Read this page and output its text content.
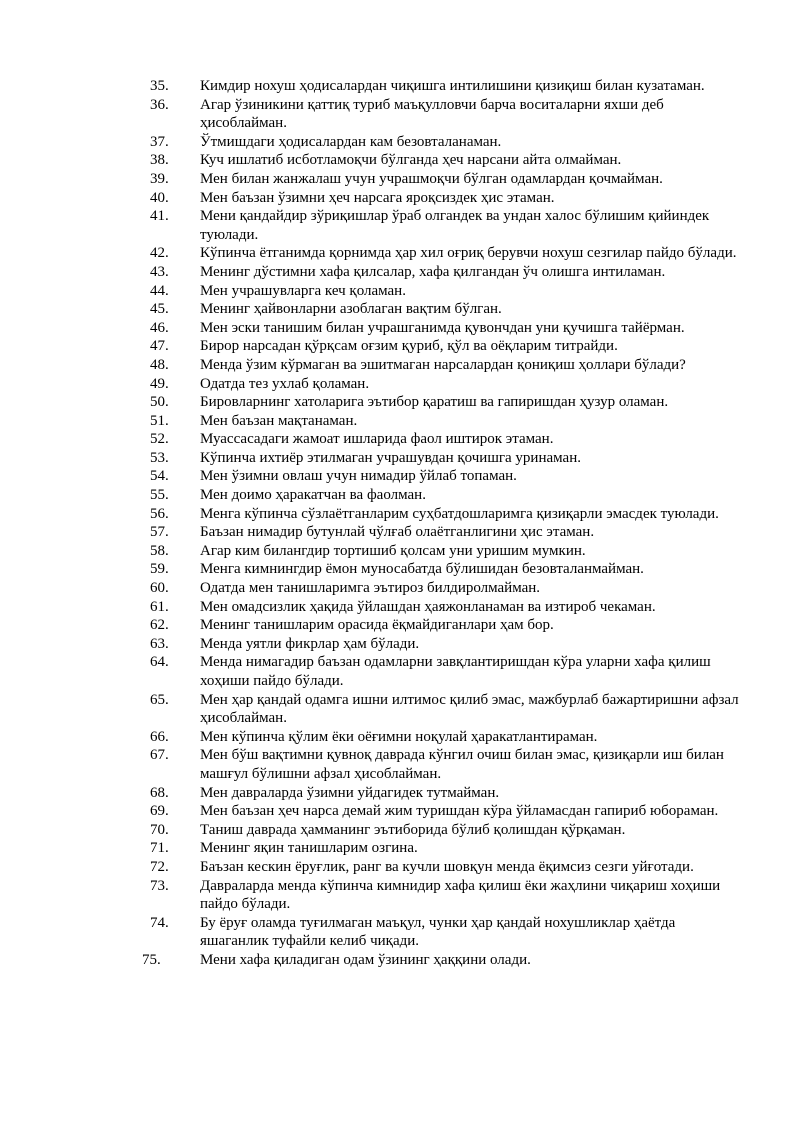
35. Кимдир нохуш ҳодисалардан чиқишга интилишини қизиқиш билан кузатаман.
36. Агар ўзиникини қаттиқ туриб маъқулловчи барча воситаларни яхши деб ҳисоблайман.
37. Ўтмишдаги ҳодисалардан кам безовталанаман.
38. Куч ишлатиб исботламоқчи бўлганда ҳеч нарсани айта олмайман.
39. Мен билан жанжалаш учун учрашмоқчи бўлган одамлардан қочмайман.
40. Мен баъзан ўзимни ҳеч нарсага яроқсиздек ҳис этаман.
41. Мени қандайдир зўриқишлар ўраб олгандек ва ундан халос бўлишим қийиндек туюлади.
42. Кўпинча ётганимда қорнимда ҳар хил оғриқ берувчи нохуш сезгилар пайдо бўлади.
43. Менинг дўстимни хафа қилсалар, хафа қилгандан ўч олишга интиламан.
44. Мен учрашувларга кеч қоламан.
45. Менинг ҳайвонларни азоблаган вақтим бўлган.
46. Мен эски танишим билан учрашганимда қувончдан уни қучишга тайёрман.
47. Бирор нарсадан қўрқсам оғзим қуриб, қўл ва оёқларим титрайди.
48. Менда ўзим кўрмаган ва эшитмаган нарсалардан қониқиш ҳоллари бўлади?
49. Одатда тез ухлаб қоламан.
50. Бировларнинг хатоларига эътибор қаратиш ва гапиришдан ҳузур оламан.
51. Мен баъзан мақтанаман.
52. Муассасадаги жамоат ишларида фаол иштирок этаман.
53. Кўпинча ихтиёр этилмаган учрашувдан қочишга уринаман.
54. Мен ўзимни овлаш учун нимадир ўйлаб топаман.
55. Мен доимо ҳаракатчан ва фаолман.
56. Менга кўпинча сўзлаётганларим суҳбатдошларимга қизиқарли эмасдек туюлади.
57. Баъзан нимадир бутунлай чўлғаб олаётганлигини ҳис этаман.
58. Агар ким билангдир тортишиб қолсам уни уришим мумкин.
59. Менга кимнингдир ёмон муносабатда бўлишидан безовталанмайман.
60. Одатда мен танишларимга эътироз билдиролмайман.
61. Мен омадсизлик ҳақида ўйлашдан ҳаяжонланаман ва изтироб чекаман.
62. Менинг танишларим орасида ёқмайдиганлари ҳам бор.
63. Менда уятли фикрлар ҳам бўлади.
64. Менда нимагадир баъзан одамларни завқлантиришдан кўра уларни хафа қилиш хоҳиши пайдо бўлади.
65. Мен ҳар қандай одамга ишни илтимос қилиб эмас, мажбурлаб бажартиришни афзал ҳисоблайман.
66. Мен кўпинча қўлим ёки оёғимни ноқулай ҳаракатлантираман.
67. Мен бўш вақтимни қувноқ даврада кўнгил очиш билан эмас, қизиқарли иш билан машғул бўлишни афзал ҳисоблайман.
68. Мен давраларда ўзимни уйдагидек тутмайман.
69. Мен баъзан ҳеч нарса демай жим туришдан кўра ўйламасдан гапириб юбораман.
70. Таниш даврада ҳамманинг эътиборида бўлиб қолишдан қўрқаман.
71. Менинг яқин танишларим озгина.
72. Баъзан кескин ёруғлик, ранг ва кучли шовқун менда ёқимсиз сезги уйғотади.
73. Давраларда менда кўпинча кимнидир хафа қилиш ёки жаҳлини чиқариш хоҳиши пайдо бўлади.
74. Бу ёруғ оламда туғилмаган маъқул, чунки ҳар қандай нохушликлар ҳаётда яшаганлик туфайли келиб чиқади.
75.	Мени хафа қиладиган одам ўзининг ҳаққини олади.
